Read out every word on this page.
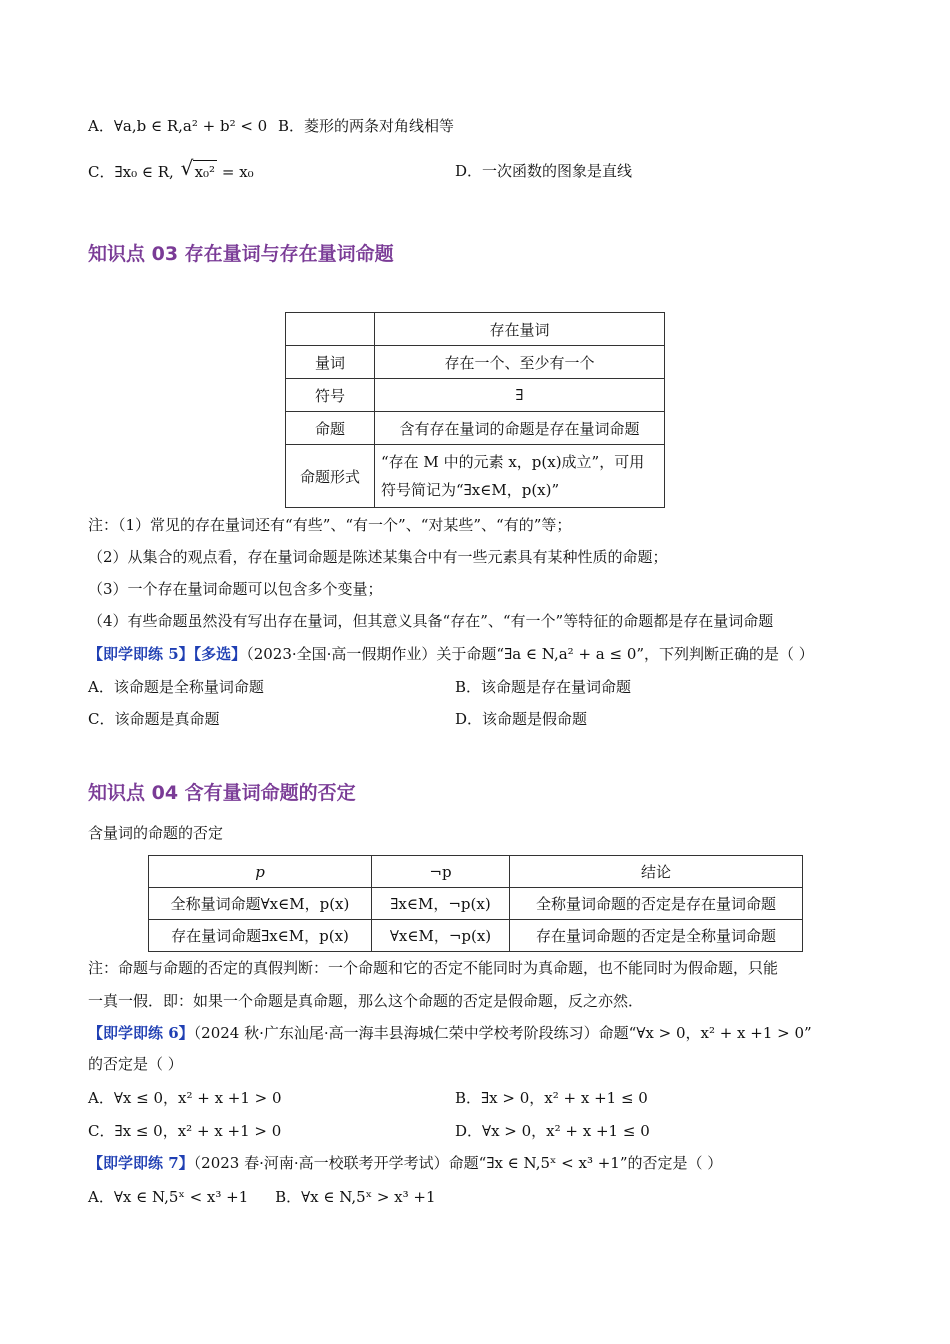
A．∀a,b ∈ R,a² + b² < 0 B．菱形的两条对角线相等
C．∃x₀ ∈ R, √ x₀² = x₀	D．一次函数的图象是直线
知识点 03 存在量词与存在量词命题
	存在量词
量词	存在一个、至少有一个
符号	∃
命题	含有存在量词的命题是存在量词命题
命题形式	“存在 M 中的元素 x，p(x)成立”，可用
符号简记为“∃x∈M，p(x)”
注：（1）常见的存在量词还有“有些”、“有一个”、“对某些”、“有的”等；
（2）从集合的观点看，存在量词命题是陈述某集合中有一些元素具有某种性质的命题；
（3）一个存在量词命题可以包含多个变量；
（4）有些命题虽然没有写出存在量词，但其意义具备“存在”、“有一个”等特征的命题都是存在量词命题
【即学即练 5】【多选】（2023·全国·高一假期作业）关于命题“∃a ∈ N,a² + a ≤ 0”，下列判断正确的是（ ）
A．该命题是全称量词命题	B．该命题是存在量词命题
C．该命题是真命题	D．该命题是假命题
知识点 04 含有量词命题的否定
含量词的命题的否定
p	¬p	结论
全称量词命题∀x∈M，p(x)	∃x∈M，¬p(x)	全称量词命题的否定是存在量词命题
存在量词命题∃x∈M，p(x)	∀x∈M，¬p(x)	存在量词命题的否定是全称量词命题
注：命题与命题的否定的真假判断：一个命题和它的否定不能同时为真命题，也不能同时为假命题，只能
一真一假．即：如果一个命题是真命题，那么这个命题的否定是假命题，反之亦然．
【即学即练 6】（2024 秋·广东汕尾·高一海丰县海城仁荣中学校考阶段练习）命题“∀x > 0，x² + x +1 > 0”
的否定是（ ）
A．∀x ≤ 0，x² + x +1 > 0	B．∃x > 0，x² + x +1 ≤ 0
C．∃x ≤ 0，x² + x +1 > 0	D．∀x > 0，x² + x +1 ≤ 0
【即学即练 7】（2023 春·河南·高一校联考开学考试）命题“∃x ∈ N,5ˣ < x³ +1”的否定是（ ）
A．∀x ∈ N,5ˣ < x³ +1 B．∀x ∈ N,5ˣ > x³ +1
